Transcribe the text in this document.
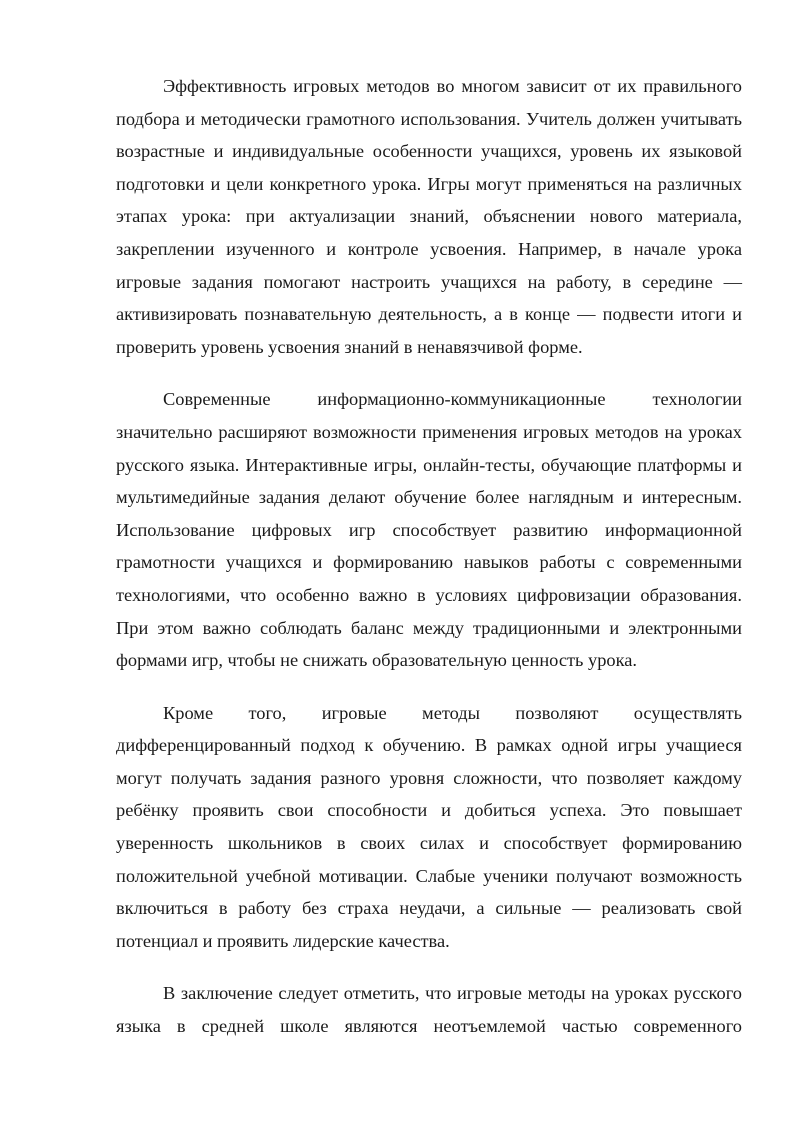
Эффективность игровых методов во многом зависит от их правильного подбора и методически грамотного использования. Учитель должен учитывать возрастные и индивидуальные особенности учащихся, уровень их языковой подготовки и цели конкретного урока. Игры могут применяться на различных этапах урока: при актуализации знаний, объяснении нового материала, закреплении изученного и контроле усвоения. Например, в начале урока игровые задания помогают настроить учащихся на работу, в середине — активизировать познавательную деятельность, а в конце — подвести итоги и проверить уровень усвоения знаний в ненавязчивой форме.

Современные информационно-коммуникационные технологии значительно расширяют возможности применения игровых методов на уроках русского языка. Интерактивные игры, онлайн-тесты, обучающие платформы и мультимедийные задания делают обучение более наглядным и интересным. Использование цифровых игр способствует развитию информационной грамотности учащихся и формированию навыков работы с современными технологиями, что особенно важно в условиях цифровизации образования. При этом важно соблюдать баланс между традиционными и электронными формами игр, чтобы не снижать образовательную ценность урока.

Кроме того, игровые методы позволяют осуществлять дифференцированный подход к обучению. В рамках одной игры учащиеся могут получать задания разного уровня сложности, что позволяет каждому ребёнку проявить свои способности и добиться успеха. Это повышает уверенность школьников в своих силах и способствует формированию положительной учебной мотивации. Слабые ученики получают возможность включиться в работу без страха неудачи, а сильные — реализовать свой потенциал и проявить лидерские качества.

В заключение следует отметить, что игровые методы на уроках русского языка в средней школе являются неотъемлемой частью современного
